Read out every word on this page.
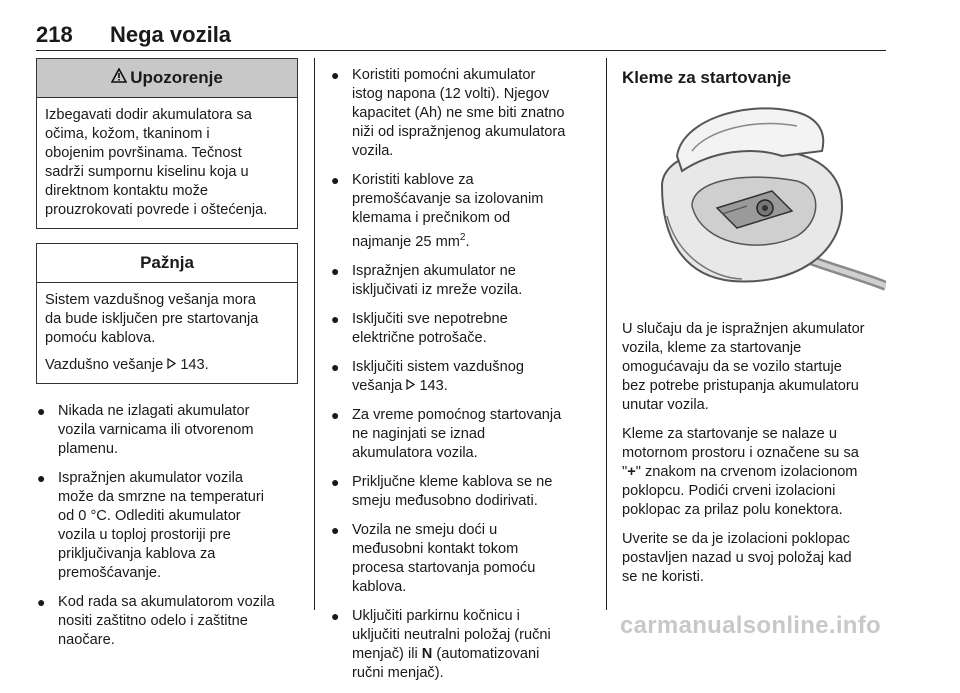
218 Nega vozila
Upozorenje

Izbegavati dodir akumulatora sa
očima, kožom, tkaninom i
obojenim površinama. Tečnost
sadrži sumpornu kiselinu koja u
direktnom kontaktu može
prouzrokovati povrede i oštećenja.

Pažnja

Sistem vazdušnog vešanja mora
da bude isključen pre startovanja
pomoću kablova.

Vazdušno vešanje 143.

● Nikada ne izlagati akumulator
vozila varnicama ili otvorenom
plamenu.
● Ispražnjen akumulator vozila
može da smrzne na temperaturi
od 0 °C. Odlediti akumulator
vozila u toploj prostoriji pre
priključivanja kablova za
premošćavanje.
● Kod rada sa akumulatorom vozila
nositi zaštitno odelo i zaštitne
naočare.
● Koristiti pomoćni akumulator
istog napona (12 volti). Njegov
kapacitet (Ah) ne sme biti znatno
niži od ispražnjenog akumulatora
vozila.
● Koristiti kablove za
premošćavanje sa izolovanim
klemama i prečnikom od
najmanje 25 $mm^2$.
● Ispražnjen akumulator ne
isključivati iz mreže vozila.
● Isključiti sve nepotrebne
električne potrošače.
● Isključiti sistem vazdušnog
vešanja 143.
● Za vreme pomoćnog startovanja
ne naginjati se iznad
akumulatora vozila.
● Priključne kleme kablova se ne
smeju međusobno dodirivati.
● Vozila ne smeju doći u
međusobni kontakt tokom
procesa startovanja pomoću
kablova.
● Uključiti parkirnu kočnicu i
uključiti neutralni položaj (ručni
menjač) ili N (automatizovani
ručni menjač).
Kleme za startovanje

U slučaju da je ispražnjen akumulator
vozila, kleme za startovanje
omogućavaju da se vozilo startuje
bez potrebe pristupanja akumulatoru
unutar vozila.

Kleme za startovanje se nalaze u
motornom prostoru i označene su sa
"+" znakom na crvenom izolacionom
poklopcu. Podići crveni izolacioni
poklopac za prilaz polu konektora.

Uverite se da je izolacioni poklopac
postavljen nazad u svoj položaj kad
se ne koristi.

carmanualsonline.info
